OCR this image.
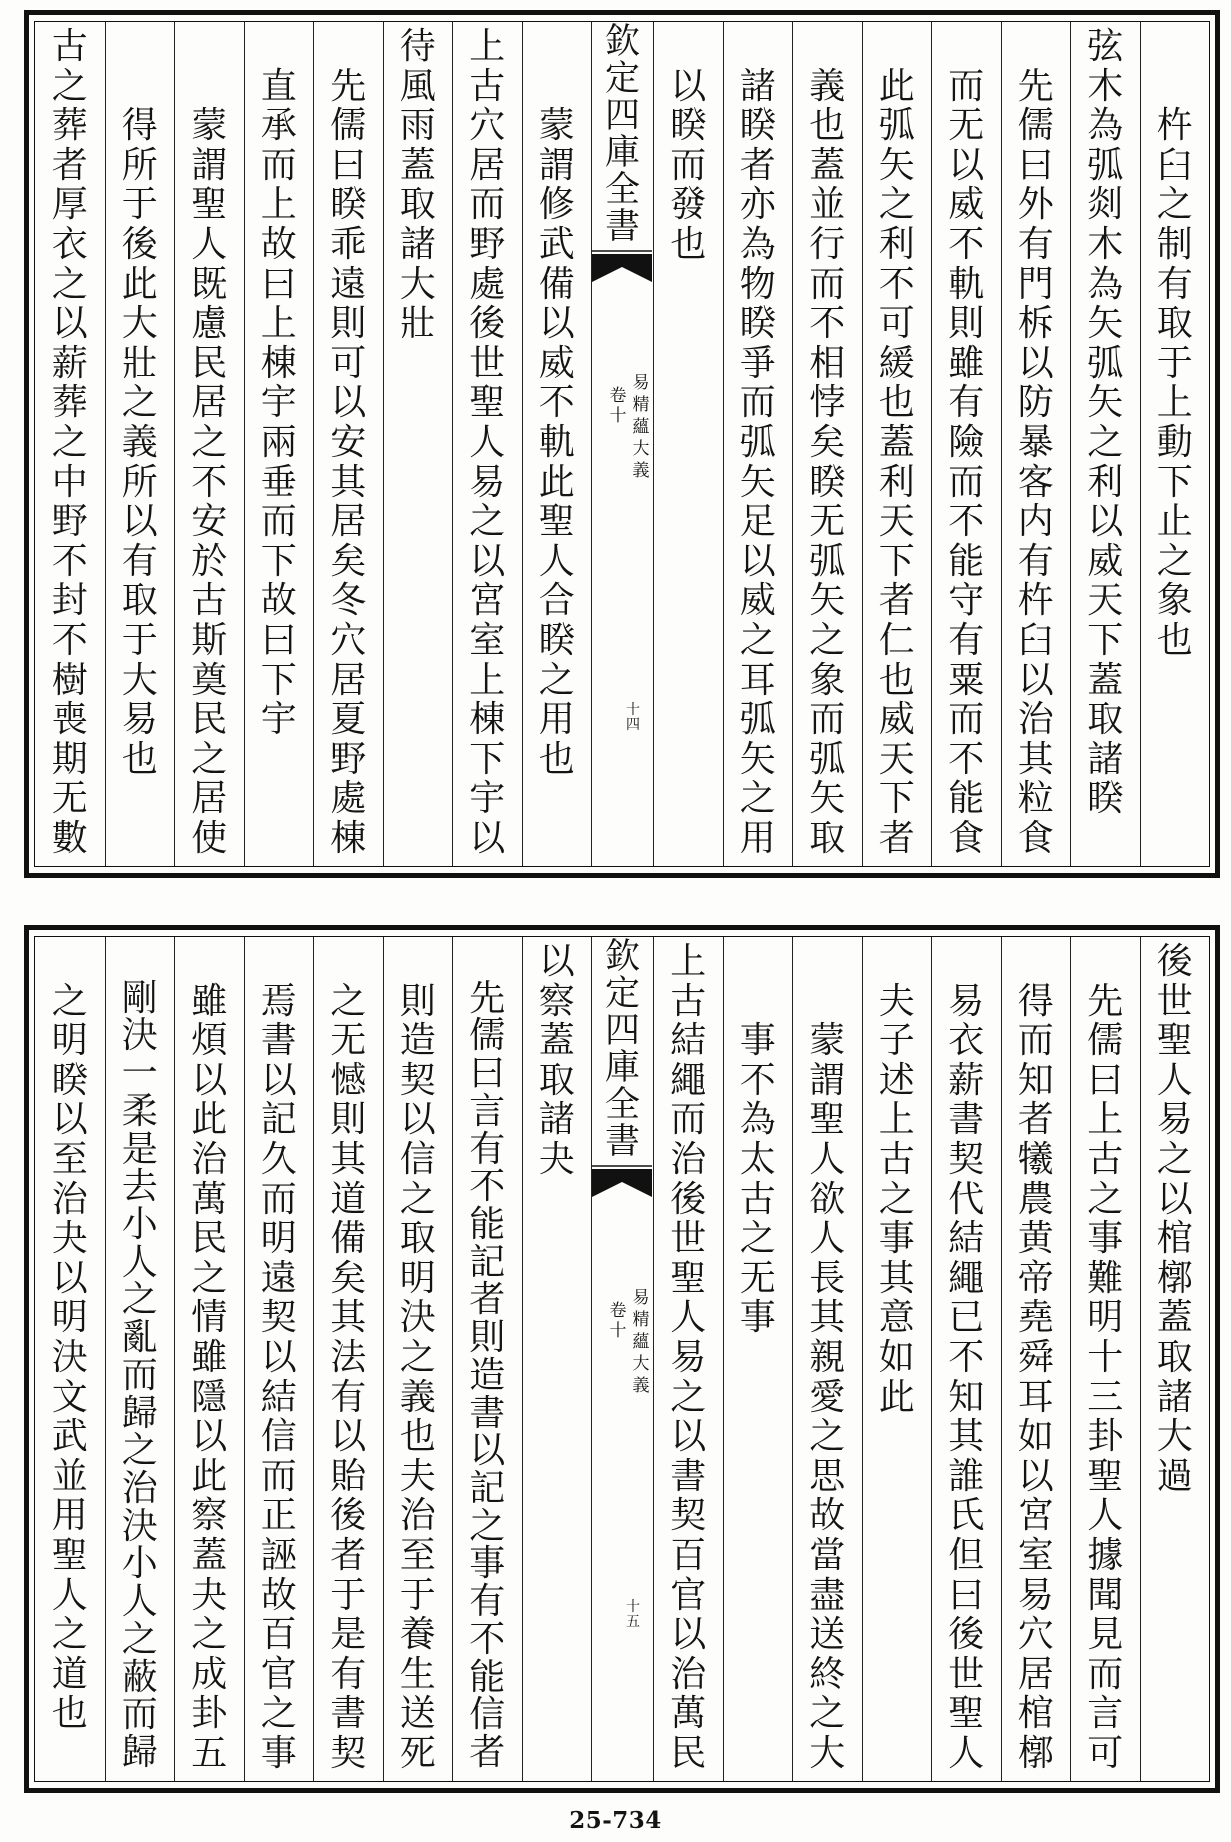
杵
臼
之
制
有
取
于
上
動
下
止
之
象
也
弦
木
為
弧
剡
木
為
矢
弧
矢
之
利
以
威
天
下
蓋
取
諸
睽
先
儒
曰
外
有
門
柝
以
防
暴
客
内
有
杵
臼
以
治
其
粒
食
而
无
以
威
不
軌
則
雖
有
險
而
不
能
守
有
粟
而
不
能
食
此
弧
矢
之
利
不
可
緩
也
蓋
利
天
下
者
仁
也
威
天
下
者
義
也
蓋
並
行
而
不
相
悖
矣
睽
无
弧
矢
之
象
而
弧
矢
取
諸
睽
者
亦
為
物
睽
爭
而
弧
矢
足
以
威
之
耳
弧
矢
之
用
以
睽
而
發
也
欽
定
四
庫
全
書
易
精
蘊
大
義
卷
十
十
四
蒙
謂
修
武
備
以
威
不
軌
此
聖
人
合
睽
之
用
也
上
古
穴
居
而
野
處
後
世
聖
人
易
之
以
宮
室
上
棟
下
宇
以
待
風
雨
蓋
取
諸
大
壯
先
儒
曰
睽
乖
遠
則
可
以
安
其
居
矣
冬
穴
居
夏
野
處
棟
直
承
而
上
故
曰
上
棟
宇
兩
垂
而
下
故
曰
下
宇
蒙
謂
聖
人
既
慮
民
居
之
不
安
於
古
斯
奠
民
之
居
使
得
所
于
後
此
大
壯
之
義
所
以
有
取
于
大
易
也
古
之
葬
者
厚
衣
之
以
薪
葬
之
中
野
不
封
不
樹
喪
期
无
數
後
世
聖
人
易
之
以
棺
槨
蓋
取
諸
大
過
先
儒
曰
上
古
之
事
難
明
十
三
卦
聖
人
據
聞
見
而
言
可
得
而
知
者
犧
農
黄
帝
堯
舜
耳
如
以
宮
室
易
穴
居
棺
槨
易
衣
薪
書
契
代
結
繩
已
不
知
其
誰
氏
但
曰
後
世
聖
人
夫
子
述
上
古
之
事
其
意
如
此
蒙
謂
聖
人
欲
人
長
其
親
愛
之
思
故
當
盡
送
終
之
大
事
不
為
太
古
之
无
事
上
古
結
繩
而
治
後
世
聖
人
易
之
以
書
契
百
官
以
治
萬
民
欽
定
四
庫
全
書
易
精
蘊
大
義
卷
十
十
五
以
察
蓋
取
諸
夬
先
儒
曰
言
有
不
能
記
者
則
造
書
以
記
之
事
有
不
能
信
者
則
造
契
以
信
之
取
明
決
之
義
也
夫
治
至
于
養
生
送
死
之
无
憾
則
其
道
備
矣
其
法
有
以
貽
後
者
于
是
有
書
契
焉
書
以
記
久
而
明
遠
契
以
結
信
而
正
誣
故
百
官
之
事
雖
煩
以
此
治
萬
民
之
情
雖
隱
以
此
察
蓋
夬
之
成
卦
五
剛
決
一
柔
是
去
小
人
之
亂
而
歸
之
治
決
小
人
之
蔽
而
歸
之
明
睽
以
至
治
夬
以
明
決
文
武
並
用
聖
人
之
道
也
25-734
